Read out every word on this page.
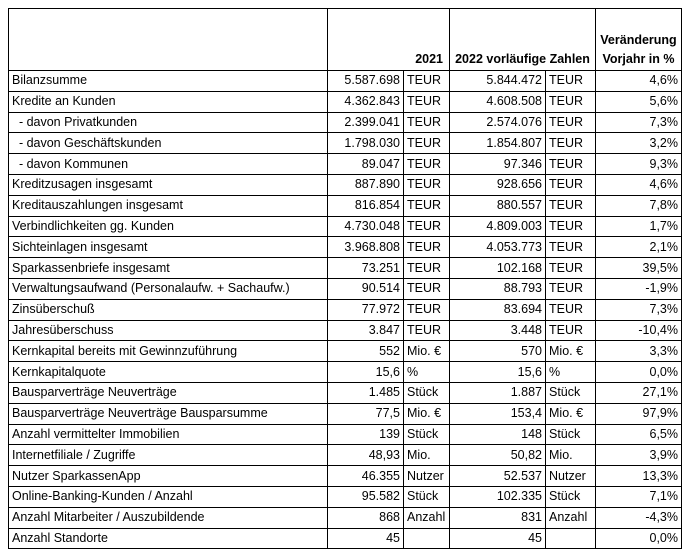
	2021		2022 vorläufige Zahlen		Veränderung Vorjahr in %
Bilanzsumme	5.587.698	TEUR	5.844.472	TEUR	4,6%
Kredite an Kunden	4.362.843	TEUR	4.608.508	TEUR	5,6%
- davon Privatkunden	2.399.041	TEUR	2.574.076	TEUR	7,3%
- davon Geschäftskunden	1.798.030	TEUR	1.854.807	TEUR	3,2%
- davon Kommunen	89.047	TEUR	97.346	TEUR	9,3%
Kreditzusagen insgesamt	887.890	TEUR	928.656	TEUR	4,6%
Kreditauszahlungen insgesamt	816.854	TEUR	880.557	TEUR	7,8%
Verbindlichkeiten gg. Kunden	4.730.048	TEUR	4.809.003	TEUR	1,7%
Sichteinlagen insgesamt	3.968.808	TEUR	4.053.773	TEUR	2,1%
Sparkassenbriefe insgesamt	73.251	TEUR	102.168	TEUR	39,5%
Verwaltungsaufwand (Personalaufw. + Sachaufw.)	90.514	TEUR	88.793	TEUR	-1,9%
Zinsüberschuß	77.972	TEUR	83.694	TEUR	7,3%
Jahresüberschuss	3.847	TEUR	3.448	TEUR	-10,4%
Kernkapital bereits mit Gewinnzuführung	552	Mio. €	570	Mio. €	3,3%
Kernkapitalquote	15,6	%	15,6	%	0,0%
Bausparverträge Neuverträge	1.485	Stück	1.887	Stück	27,1%
Bausparverträge Neuverträge Bausparsumme	77,5	Mio. €	153,4	Mio. €	97,9%
Anzahl vermittelter Immobilien	139	Stück	148	Stück	6,5%
Internetfiliale / Zugriffe	48,93	Mio.	50,82	Mio.	3,9%
Nutzer SparkassenApp	46.355	Nutzer	52.537	Nutzer	13,3%
Online-Banking-Kunden / Anzahl	95.582	Stück	102.335	Stück	7,1%
Anzahl Mitarbeiter / Auszubildende	868	Anzahl	831	Anzahl	-4,3%
Anzahl Standorte	45		45		0,0%
